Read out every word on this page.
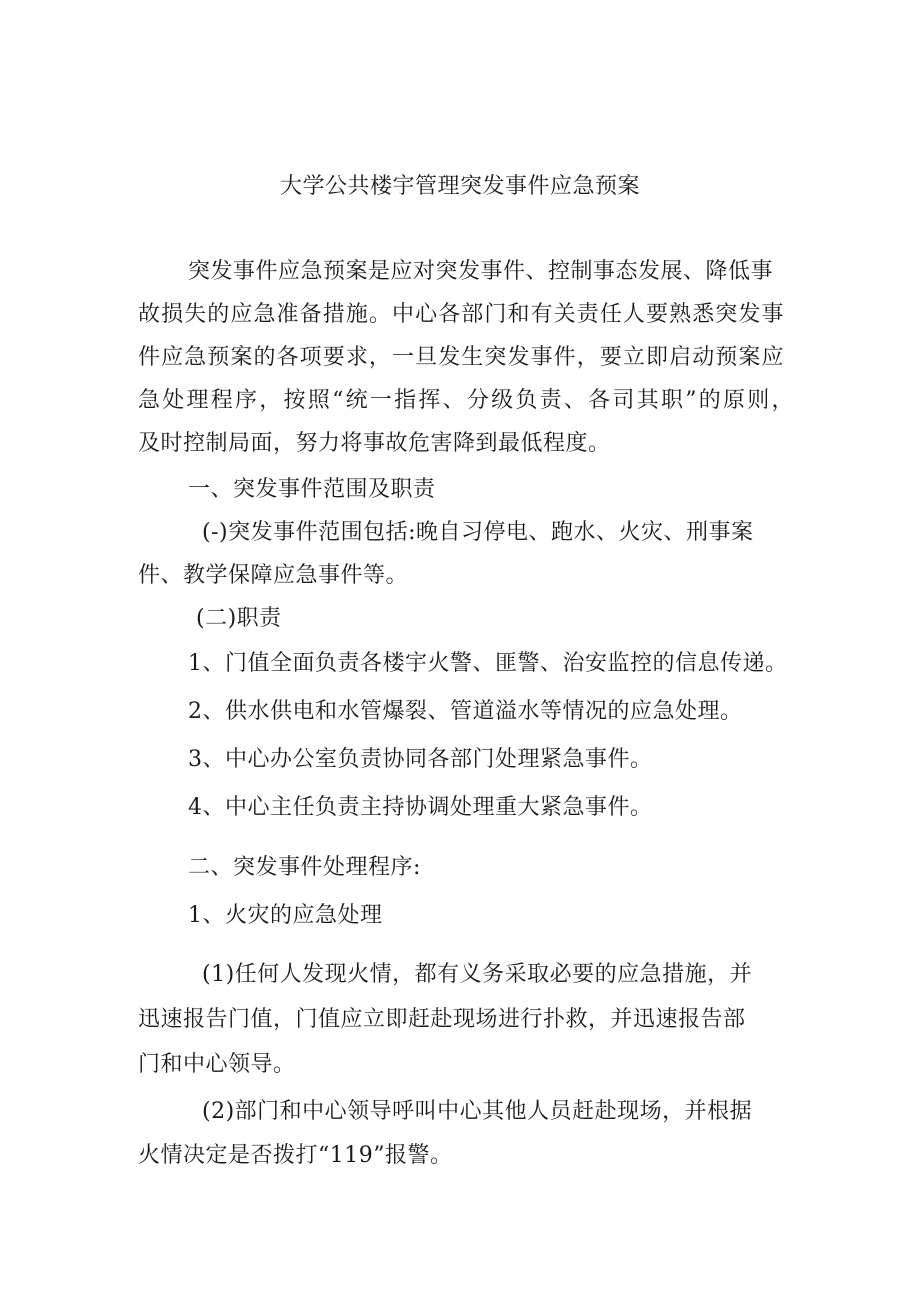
大学公共楼宇管理突发事件应急预案
突发事件应急预案是应对突发事件、控制事态发展、降低事
故损失的应急准备措施。中心各部门和有关责任人要熟悉突发事
件应急预案的各项要求，一旦发生突发事件，要立即启动预案应
急处理程序，按照“统一指挥、分级负责、各司其职”的原则，
及时控制局面，努力将事故危害降到最低程度。
一、突发事件范围及职责
(-)突发事件范围包括:晚自习停电、跑水、火灾、刑事案
件、教学保障应急事件等。
(二)职责
1、门值全面负责各楼宇火警、匪警、治安监控的信息传递。
2、供水供电和水管爆裂、管道溢水等情况的应急处理。
3、中心办公室负责协同各部门处理紧急事件。
4、中心主任负责主持协调处理重大紧急事件。
二、突发事件处理程序:
1、火灾的应急处理
(1)任何人发现火情，都有义务采取必要的应急措施，并
迅速报告门值，门值应立即赶赴现场进行扑救，并迅速报告部
门和中心领导。
(2)部门和中心领导呼叫中心其他人员赶赴现场，并根据
火情决定是否拨打“119”报警。
